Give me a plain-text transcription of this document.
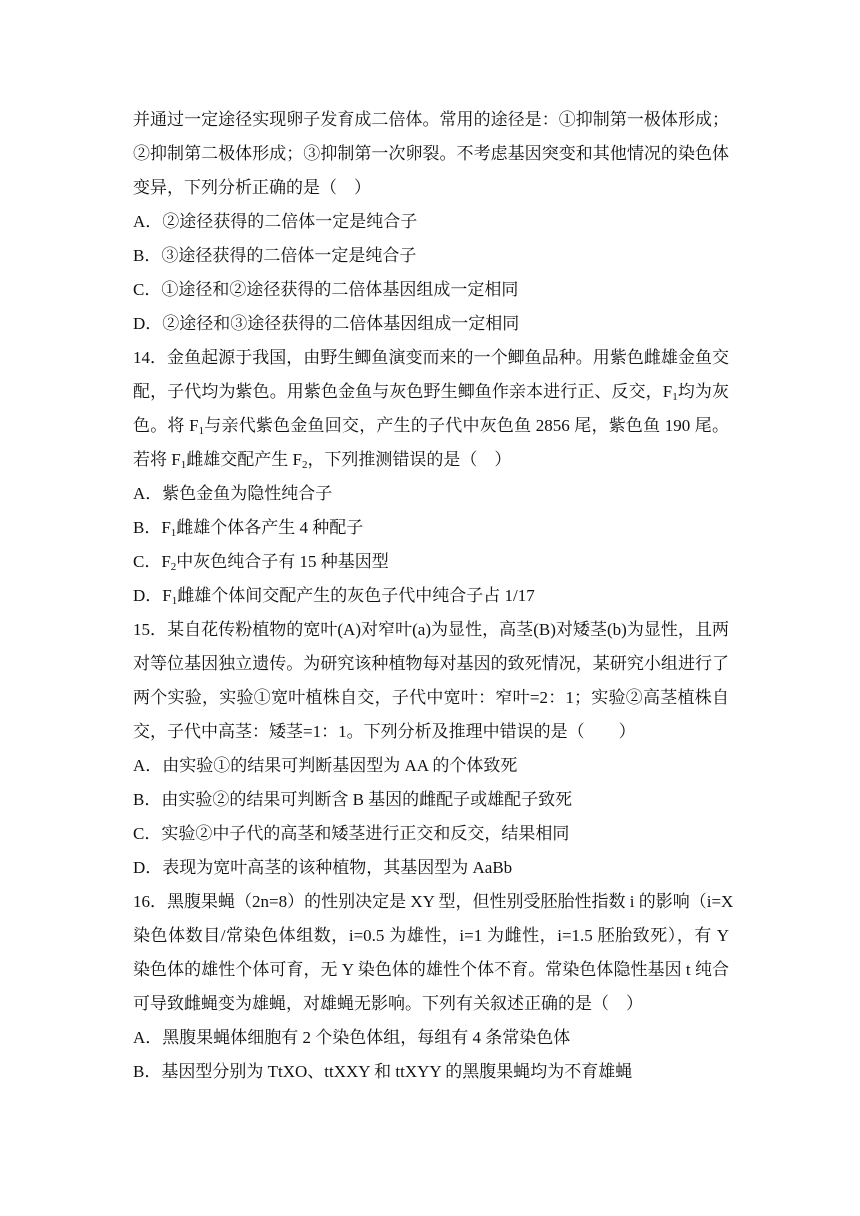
并通过一定途径实现卵子发育成二倍体。常用的途径是：①抑制第一极体形成；
②抑制第二极体形成；③抑制第一次卵裂。不考虑基因突变和其他情况的染色体
变异，下列分析正确的是（　）
A．②途径获得的二倍体一定是纯合子
B．③途径获得的二倍体一定是纯合子
C．①途径和②途径获得的二倍体基因组成一定相同
D．②途径和③途径获得的二倍体基因组成一定相同
14．金鱼起源于我国，由野生鲫鱼演变而来的一个鲫鱼品种。用紫色雌雄金鱼交
配，子代均为紫色。用紫色金鱼与灰色野生鲫鱼作亲本进行正、反交，$F_1$均为灰
色。将 $F_1$与亲代紫色金鱼回交，产生的子代中灰色鱼 2856 尾，紫色鱼 190 尾。
若将 $F_1$雌雄交配产生 $F_2$，下列推测错误的是（　）
A．紫色金鱼为隐性纯合子
B．$F_1$雌雄个体各产生 4 种配子
C．$F_2$中灰色纯合子有 15 种基因型
D．$F_1$雌雄个体间交配产生的灰色子代中纯合子占 1/17
15．某自花传粉植物的宽叶(A)对窄叶(a)为显性，高茎(B)对矮茎(b)为显性，且两
对等位基因独立遗传。为研究该种植物每对基因的致死情况，某研究小组进行了
两个实验，实验①宽叶植株自交，子代中宽叶：窄叶=2：1；实验②高茎植株自
交，子代中高茎：矮茎=1：1。下列分析及推理中错误的是（　　）
A．由实验①的结果可判断基因型为 AA 的个体致死
B．由实验②的结果可判断含 B 基因的雌配子或雄配子致死
C．实验②中子代的高茎和矮茎进行正交和反交，结果相同
D．表现为宽叶高茎的该种植物，其基因型为 AaBb
16．黑腹果蝇（2n=8）的性别决定是 XY 型，但性别受胚胎性指数 i 的影响（i=X
染色体数目/常染色体组数，i=0.5 为雄性，i=1 为雌性，i=1.5 胚胎致死），有 Y
染色体的雄性个体可育，无 Y 染色体的雄性个体不育。常染色体隐性基因 t 纯合
可导致雌蝇变为雄蝇，对雄蝇无影响。下列有关叙述正确的是（　）
A．黑腹果蝇体细胞有 2 个染色体组，每组有 4 条常染色体
B．基因型分别为 TtXO、ttXXY 和 ttXYY 的黑腹果蝇均为不育雄蝇
